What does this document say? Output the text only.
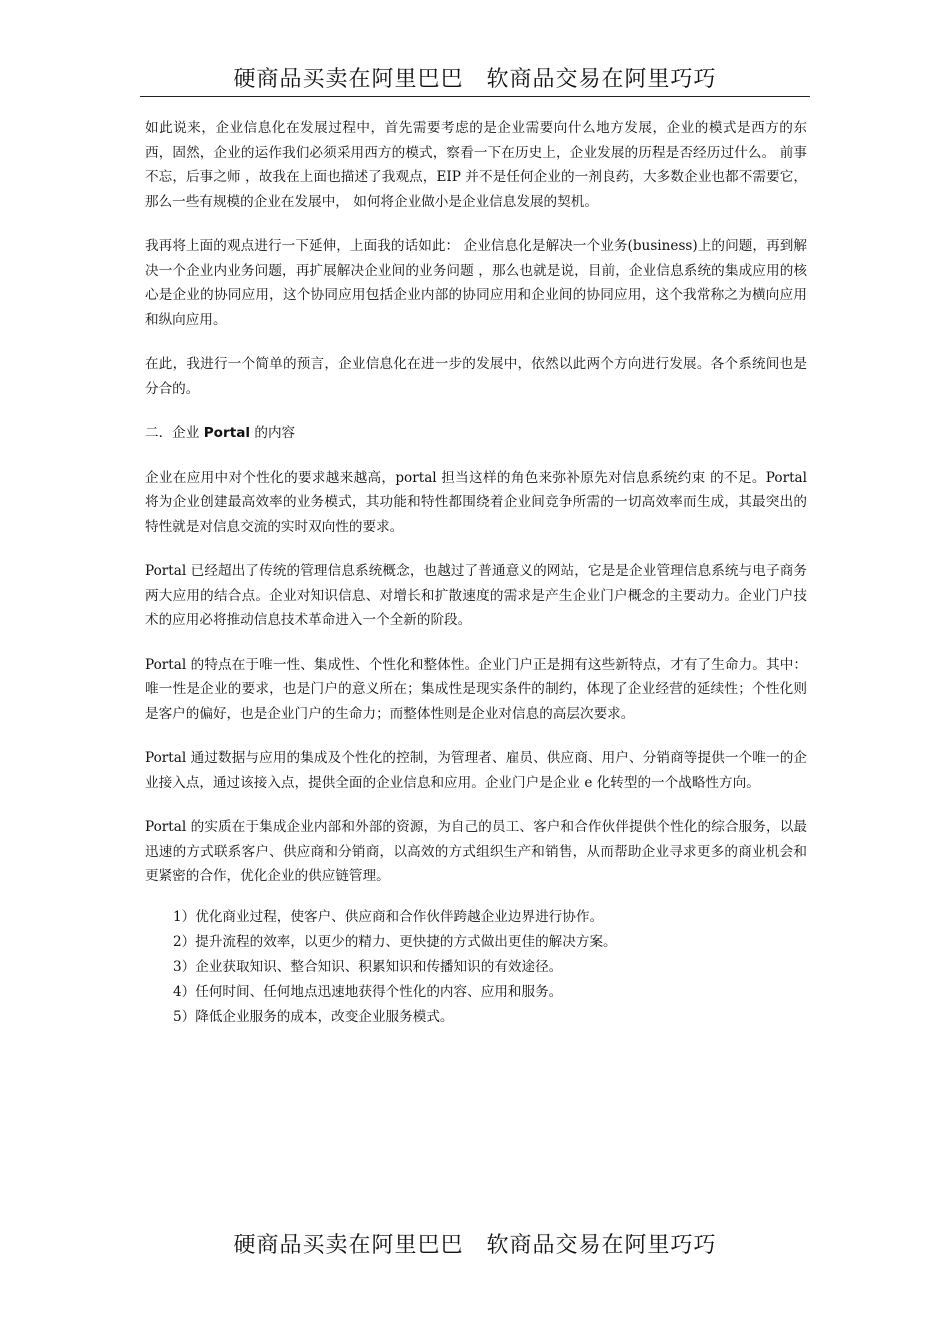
硬商品买卖在阿里巴巴　软商品交易在阿里巧巧

如此说来，企业信息化在发展过程中，首先需要考虑的是企业需要向什么地方发展，企业的模式是西方的东西，固然，企业的运作我们必须采用西方的模式，察看一下在历史上，企业发展的历程是否经历过什么。 前事不忘，后事之师 ，故我在上面也描述了我观点，EIP 并不是任何企业的一剂良药，大多数企业也都不需要它，那么一些有规模的企业在发展中， 如何将企业做小是企业信息发展的契机。

我再将上面的观点进行一下延伸，上面我的话如此： 企业信息化是解决一个业务(business)上的问题，再到解决一个企业内业务问题，再扩展解决企业间的业务问题 ，那么也就是说，目前，企业信息系统的集成应用的核心是企业的协同应用，这个协同应用包括企业内部的协同应用和企业间的协同应用，这个我常称之为横向应用和纵向应用。

在此，我进行一个简单的预言，企业信息化在进一步的发展中，依然以此两个方向进行发展。各个系统间也是分合的。

二．企业 Portal 的内容

企业在应用中对个性化的要求越来越高，portal 担当这样的角色来弥补原先对信息系统约束 的不足。Portal 将为企业创建最高效率的业务模式，其功能和特性都围绕着企业间竞争所需的一切高效率而生成，其最突出的特性就是对信息交流的实时双向性的要求。

Portal 已经超出了传统的管理信息系统概念，也越过了普通意义的网站，它是是企业管理信息系统与电子商务两大应用的结合点。企业对知识信息、对增长和扩散速度的需求是产生企业门户概念的主要动力。企业门户技术的应用必将推动信息技术革命进入一个全新的阶段。

Portal 的特点在于唯一性、集成性、个性化和整体性。企业门户正是拥有这些新特点，才有了生命力。其中：唯一性是企业的要求，也是门户的意义所在；集成性是现实条件的制约，体现了企业经营的延续性；个性化则是客户的偏好，也是企业门户的生命力；而整体性则是企业对信息的高层次要求。

Portal 通过数据与应用的集成及个性化的控制，为管理者、雇员、供应商、用户、分销商等提供一个唯一的企业接入点，通过该接入点，提供全面的企业信息和应用。企业门户是企业 e 化转型的一个战略性方向。

Portal 的实质在于集成企业内部和外部的资源，为自己的员工、客户和合作伙伴提供个性化的综合服务，以最迅速的方式联系客户、供应商和分销商，以高效的方式组织生产和销售，从而帮助企业寻求更多的商业机会和更紧密的合作，优化企业的供应链管理。

1）优化商业过程，使客户、供应商和合作伙伴跨越企业边界进行协作。
2）提升流程的效率，以更少的精力、更快捷的方式做出更佳的解决方案。
3）企业获取知识、整合知识、积累知识和传播知识的有效途径。
4）任何时间、任何地点迅速地获得个性化的内容、应用和服务。
5）降低企业服务的成本，改变企业服务模式。
硬商品买卖在阿里巴巴　软商品交易在阿里巧巧
